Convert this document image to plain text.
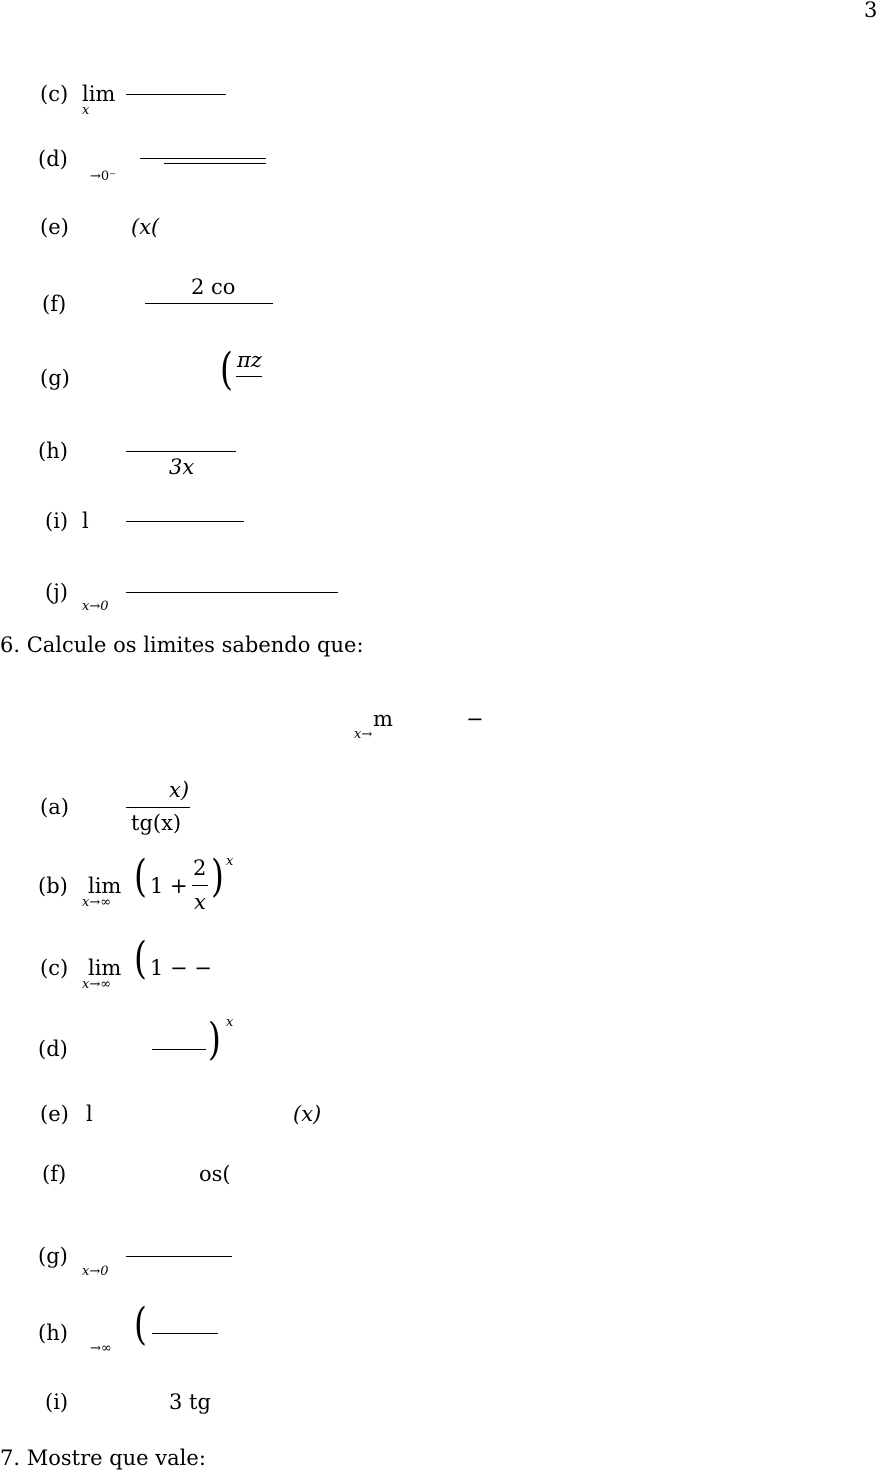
3
(c) lim
x
(d)
→0⁻
(e)	(x(
(f)
2 co
(g)	( πz
(h)
3x
(i) l
(j)
x→0
6. Calcule os limites sabendo que:
m
x→
−
(a)
x)
tg(x)
(b) lim
x→∞
( 1 +
2
x ) x
(c) lim
x→∞
( 1 − −
(d)	) x
(e) l	(x)
(f)	os(
(g)
x→0
(h)
→∞ (
(i)	3 tg
7. Mostre que vale:
